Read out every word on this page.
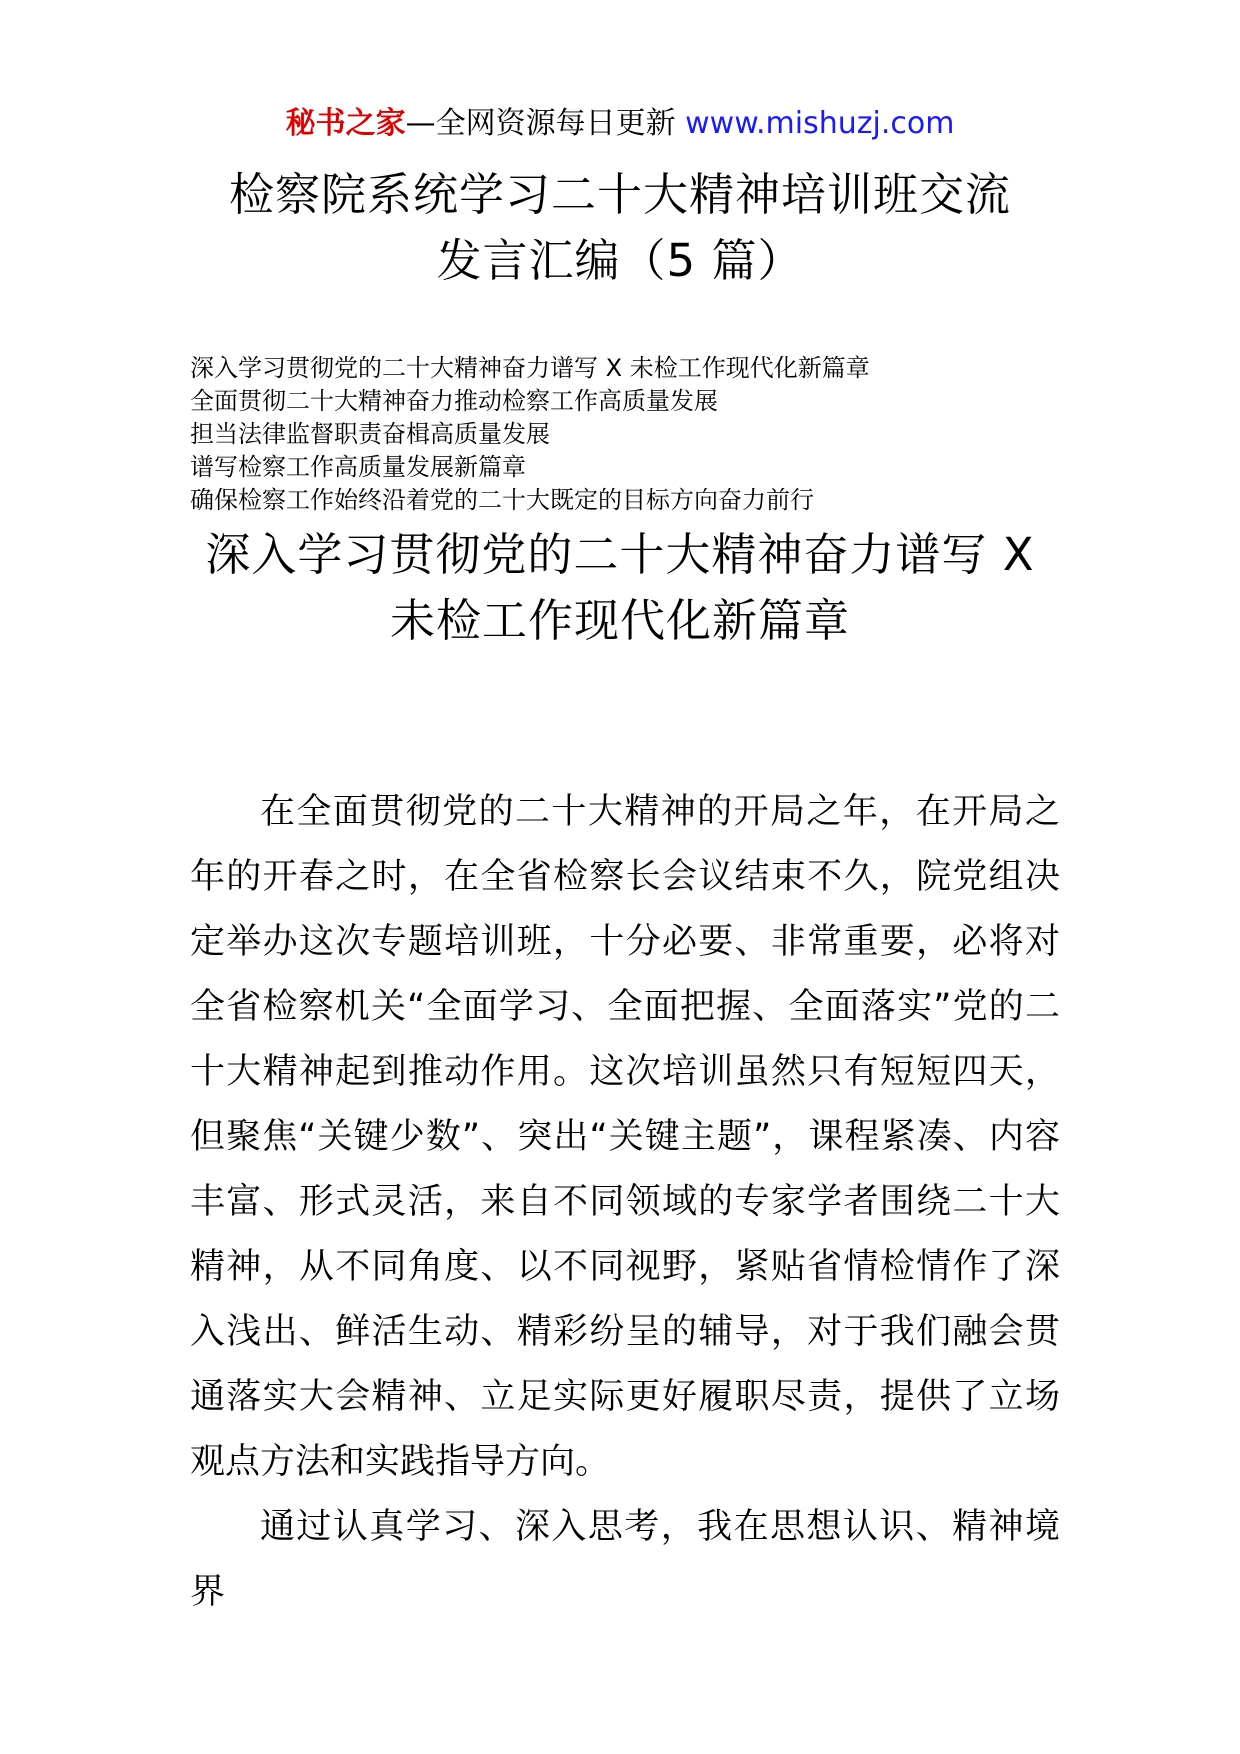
秘书之家—全网资源每日更新 www.mishuzj.com
检察院系统学习二十大精神培训班交流
发言汇编（5 篇）
深入学习贯彻党的二十大精神奋力谱写 X 未检工作现代化新篇章
全面贯彻二十大精神奋力推动检察工作高质量发展
担当法律监督职责奋楫高质量发展
谱写检察工作高质量发展新篇章
确保检察工作始终沿着党的二十大既定的目标方向奋力前行
深入学习贯彻党的二十大精神奋力谱写 X
未检工作现代化新篇章

在全面贯彻党的二十大精神的开局之年，在开局之年的开春之时，在全省检察长会议结束不久，院党组决定举办这次专题培训班，十分必要、非常重要，必将对全省检察机关“全面学习、全面把握、全面落实”党的二十大精神起到推动作用。这次培训虽然只有短短四天，但聚焦“关键少数”、突出“关键主题”，课程紧凑、内容丰富、形式灵活，来自不同领域的专家学者围绕二十大精神，从不同角度、以不同视野，紧贴省情检情作了深入浅出、鲜活生动、精彩纷呈的辅导，对于我们融会贯通落实大会精神、立足实际更好履职尽责，提供了立场观点方法和实践指导方向。

通过认真学习、深入思考，我在思想认识、精神境界
